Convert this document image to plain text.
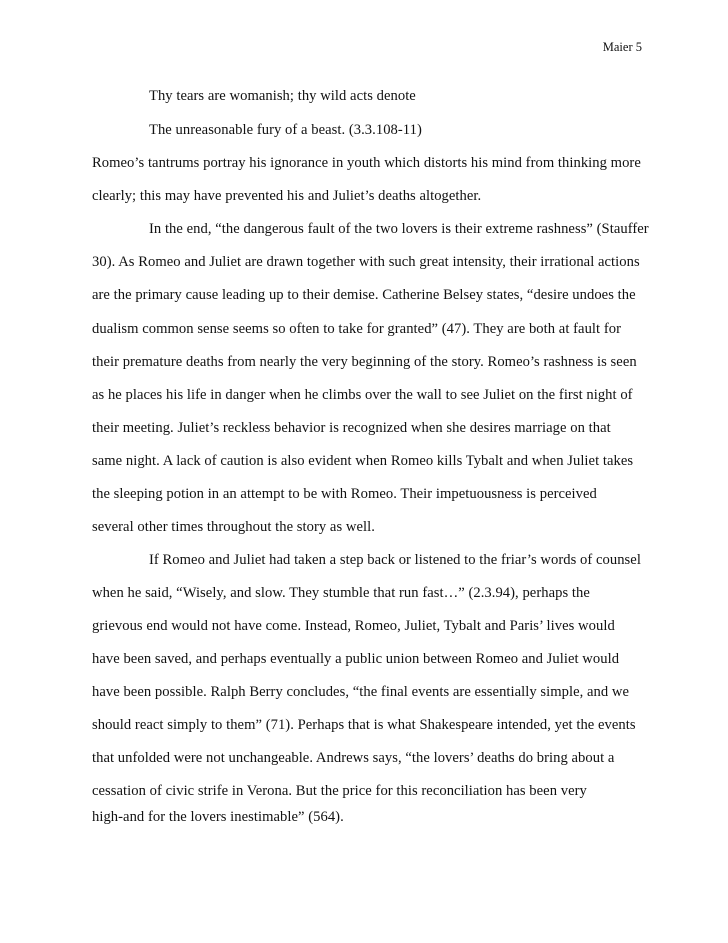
Maier 5
Thy tears are womanish; thy wild acts denote
The unreasonable fury of a beast. (3.3.108-11)
Romeo’s tantrums portray his ignorance in youth which distorts his mind from thinking more
clearly; this may have prevented his and Juliet’s deaths altogether.
In the end, “the dangerous fault of the two lovers is their extreme rashness” (Stauffer
30). As Romeo and Juliet are drawn together with such great intensity, their irrational actions
are the primary cause leading up to their demise. Catherine Belsey states, “desire undoes the
dualism common sense seems so often to take for granted” (47). They are both at fault for
their premature deaths from nearly the very beginning of the story. Romeo’s rashness is seen
as he places his life in danger when he climbs over the wall to see Juliet on the first night of
their meeting. Juliet’s reckless behavior is recognized when she desires marriage on that
same night. A lack of caution is also evident when Romeo kills Tybalt and when Juliet takes
the sleeping potion in an attempt to be with Romeo. Their impetuousness is perceived
several other times throughout the story as well.
If Romeo and Juliet had taken a step back or listened to the friar’s words of counsel
when he said, “Wisely, and slow. They stumble that run fast…” (2.3.94), perhaps the
grievous end would not have come. Instead, Romeo, Juliet, Tybalt and Paris’ lives would
have been saved, and perhaps eventually a public union between Romeo and Juliet would
have been possible. Ralph Berry concludes, “the final events are essentially simple, and we
should react simply to them” (71). Perhaps that is what Shakespeare intended, yet the events
that unfolded were not unchangeable. Andrews says, “the lovers’ deaths do bring about a
cessation of civic strife in Verona. But the price for this reconciliation has been very
high-and for the lovers inestimable” (564).
